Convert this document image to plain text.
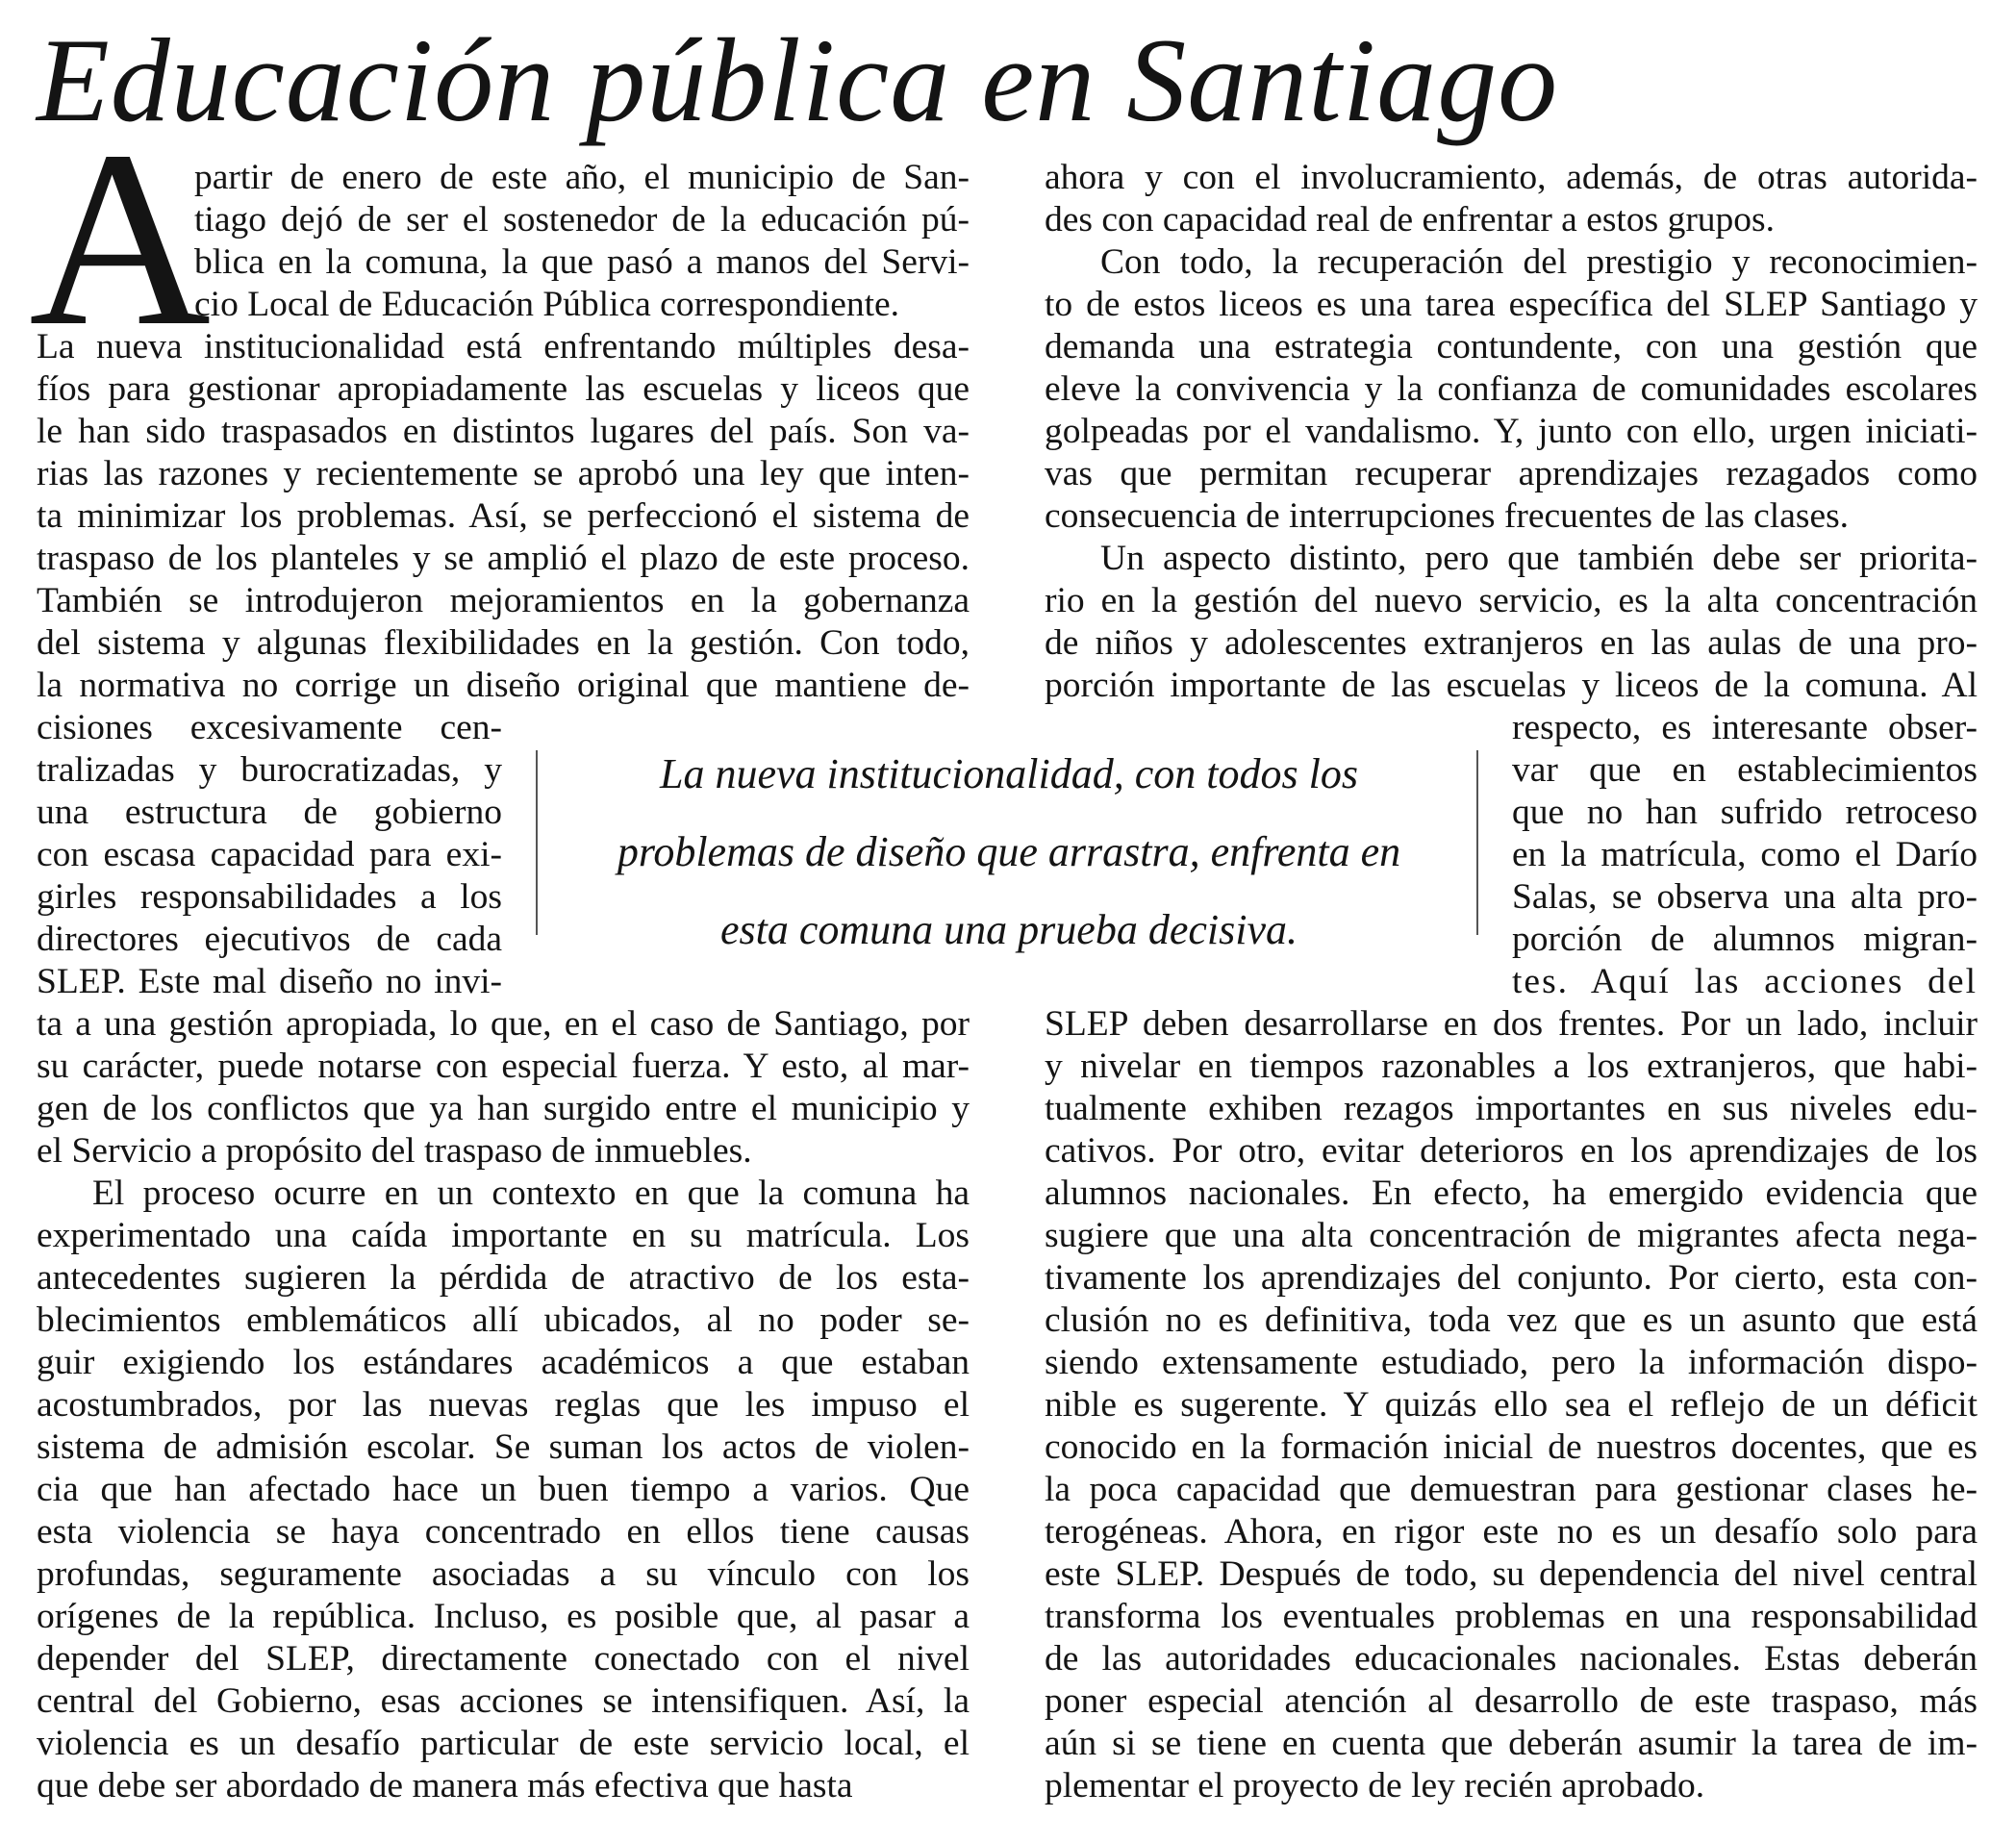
Educación pública en Santiago
A

partir de enero de este año, el municipio de San-

tiago dejó de ser el sostenedor de la educación pú-

blica en la comuna, la que pasó a manos del Servi-

cio Local de Educación Pública correspondiente.

La nueva institucionalidad está enfrentando múltiples desa-

fíos para gestionar apropiadamente las escuelas y liceos que

le han sido traspasados en distintos lugares del país. Son va-

rias las razones y recientemente se aprobó una ley que inten-

ta minimizar los problemas. Así, se perfeccionó el sistema de

traspaso de los planteles y se amplió el plazo de este proceso.

También se introdujeron mejoramientos en la gobernanza

del sistema y algunas flexibilidades en la gestión. Con todo,

la normativa no corrige un diseño original que mantiene de-

cisiones excesivamente cen-

tralizadas y burocratizadas, y

una estructura de gobierno

con escasa capacidad para exi-

girles responsabilidades a los

directores ejecutivos de cada

SLEP. Este mal diseño no invi-

ta a una gestión apropiada, lo que, en el caso de Santiago, por

su carácter, puede notarse con especial fuerza. Y esto, al mar-

gen de los conflictos que ya han surgido entre el municipio y

el Servicio a propósito del traspaso de inmuebles.

El proceso ocurre en un contexto en que la comuna ha

experimentado una caída importante en su matrícula. Los

antecedentes sugieren la pérdida de atractivo de los esta-

blecimientos emblemáticos allí ubicados, al no poder se-

guir exigiendo los estándares académicos a que estaban

acostumbrados, por las nuevas reglas que les impuso el

sistema de admisión escolar. Se suman los actos de violen-

cia que han afectado hace un buen tiempo a varios. Que

esta violencia se haya concentrado en ellos tiene causas

profundas, seguramente asociadas a su vínculo con los

orígenes de la república. Incluso, es posible que, al pasar a

depender del SLEP, directamente conectado con el nivel

central del Gobierno, esas acciones se intensifiquen. Así, la

violencia es un desafío particular de este servicio local, el

que debe ser abordado de manera más efectiva que hasta

ahora y con el involucramiento, además, de otras autorida-

des con capacidad real de enfrentar a estos grupos.

Con todo, la recuperación del prestigio y reconocimien-

to de estos liceos es una tarea específica del SLEP Santiago y

demanda una estrategia contundente, con una gestión que

eleve la convivencia y la confianza de comunidades escolares

golpeadas por el vandalismo. Y, junto con ello, urgen iniciati-

vas que permitan recuperar aprendizajes rezagados como

consecuencia de interrupciones frecuentes de las clases.

Un aspecto distinto, pero que también debe ser priorita-

rio en la gestión del nuevo servicio, es la alta concentración

de niños y adolescentes extranjeros en las aulas de una pro-

porción importante de las escuelas y liceos de la comuna. Al

respecto, es interesante obser-

var que en establecimientos

que no han sufrido retroceso

en la matrícula, como el Darío

Salas, se observa una alta pro-

porción de alumnos migran-

tes. Aquí las acciones del

SLEP deben desarrollarse en dos frentes. Por un lado, incluir

y nivelar en tiempos razonables a los extranjeros, que habi-

tualmente exhiben rezagos importantes en sus niveles edu-

cativos. Por otro, evitar deterioros en los aprendizajes de los

alumnos nacionales. En efecto, ha emergido evidencia que

sugiere que una alta concentración de migrantes afecta nega-

tivamente los aprendizajes del conjunto. Por cierto, esta con-

clusión no es definitiva, toda vez que es un asunto que está

siendo extensamente estudiado, pero la información dispo-

nible es sugerente. Y quizás ello sea el reflejo de un déficit

conocido en la formación inicial de nuestros docentes, que es

la poca capacidad que demuestran para gestionar clases he-

terogéneas. Ahora, en rigor este no es un desafío solo para

este SLEP. Después de todo, su dependencia del nivel central

transforma los eventuales problemas en una responsabilidad

de las autoridades educacionales nacionales. Estas deberán

poner especial atención al desarrollo de este traspaso, más

aún si se tiene en cuenta que deberán asumir la tarea de im-

plementar el proyecto de ley recién aprobado.

La nueva institucionalidad, con todos los

problemas de diseño que arrastra, enfrenta en

esta comuna una prueba decisiva.
